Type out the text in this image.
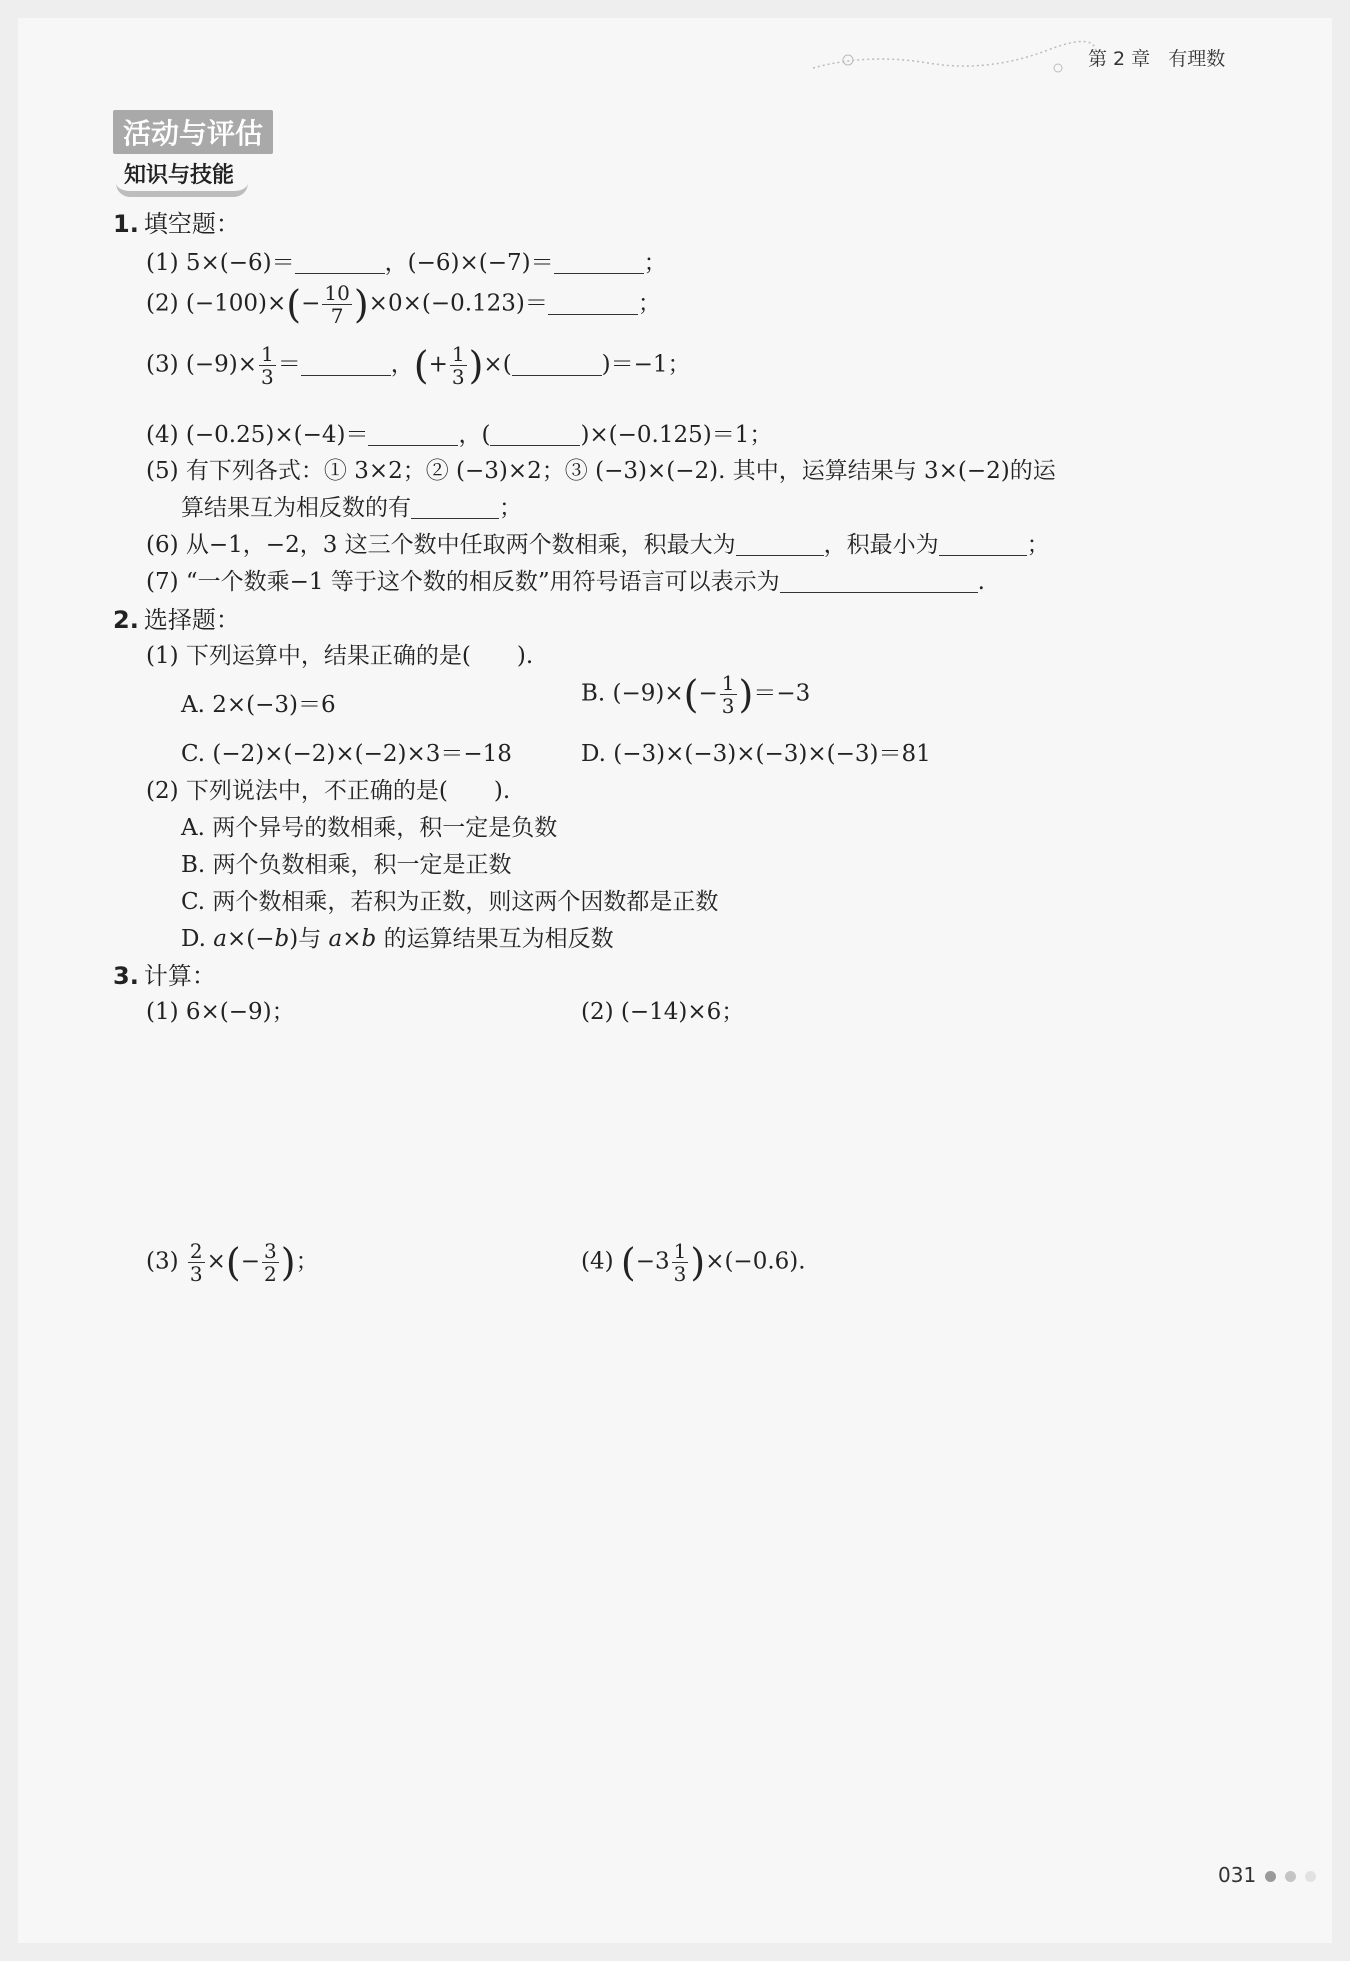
第 2 章 有理数
活动与评估
知识与技能
1. 填空题：
(1) 5×(−6)＝	，(−6)×(−7)＝	；
(2) $(-100)\times(- \frac{10}{7} )\times 0\times(-0.123)=$	；
(3) $(-9)\times \frac{1}{3}$ ＝	，(+ $\frac{1}{3}$ )×(	)＝−1；
(4) (−0.25)×(−4)＝	，(	)×(−0.125)＝1；
(5) 有下列各式：① 3×2；② (−3)×2；③ (−3)×(−2). 其中，运算结果与 3×(−2)的运
算结果互为相反数的有	；
(6) 从−1，−2，3 这三个数中任取两个数相乘，积最大为	，积最小为	；
(7) “一个数乘−1 等于这个数的相反数”用符号语言可以表示为	.
2. 选择题：
(1) 下列运算中，结果正确的是(　　).
A. 2×(−3)＝6	B. $(-9)\times(- \frac{1}{3} )=-3$
C. (−2)×(−2)×(−2)×3＝−18	D. (−3)×(−3)×(−3)×(−3)＝81
(2) 下列说法中，不正确的是(　　).
A. 两个异号的数相乘，积一定是负数
B. 两个负数相乘，积一定是正数
C. 两个数相乘，若积为正数，则这两个因数都是正数
D. a×(−b)与 a×b 的运算结果互为相反数
3. 计算：
(1) 6×(−9)；	(2) (−14)×6；
$(3) \frac{2}{3}$ ×(− $\frac{3}{2}$ )；	(4) $(-3 \frac{1}{3} )\times(-0.6)$.
031
